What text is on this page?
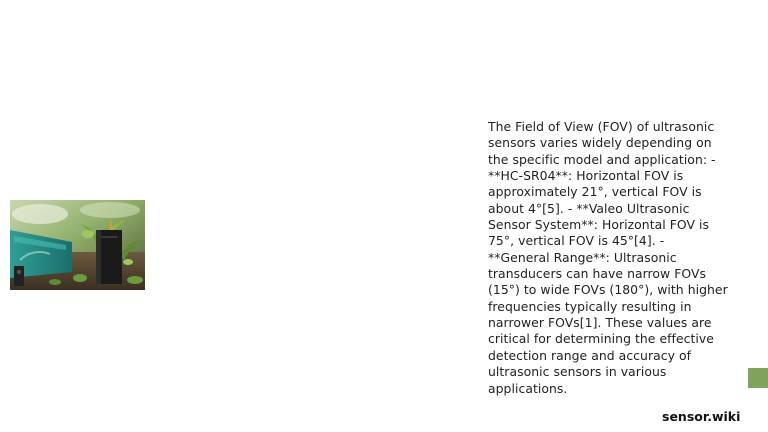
The Field of View (FOV) of ultrasonic sensors varies widely depending on the specific model and application: - **HC-SR04**: Horizontal FOV is approximately 21°, vertical FOV is about 4°[5]. - **Valeo Ultrasonic Sensor System**: Horizontal FOV is 75°, vertical FOV is 45°[4]. - **General Range**: Ultrasonic transducers can have narrow FOVs (15°) to wide FOVs (180°), with higher frequencies typically resulting in narrower FOVs[1]. These values are critical for determining the effective detection range and accuracy of ultrasonic sensors in various applications.
sensor.wiki
